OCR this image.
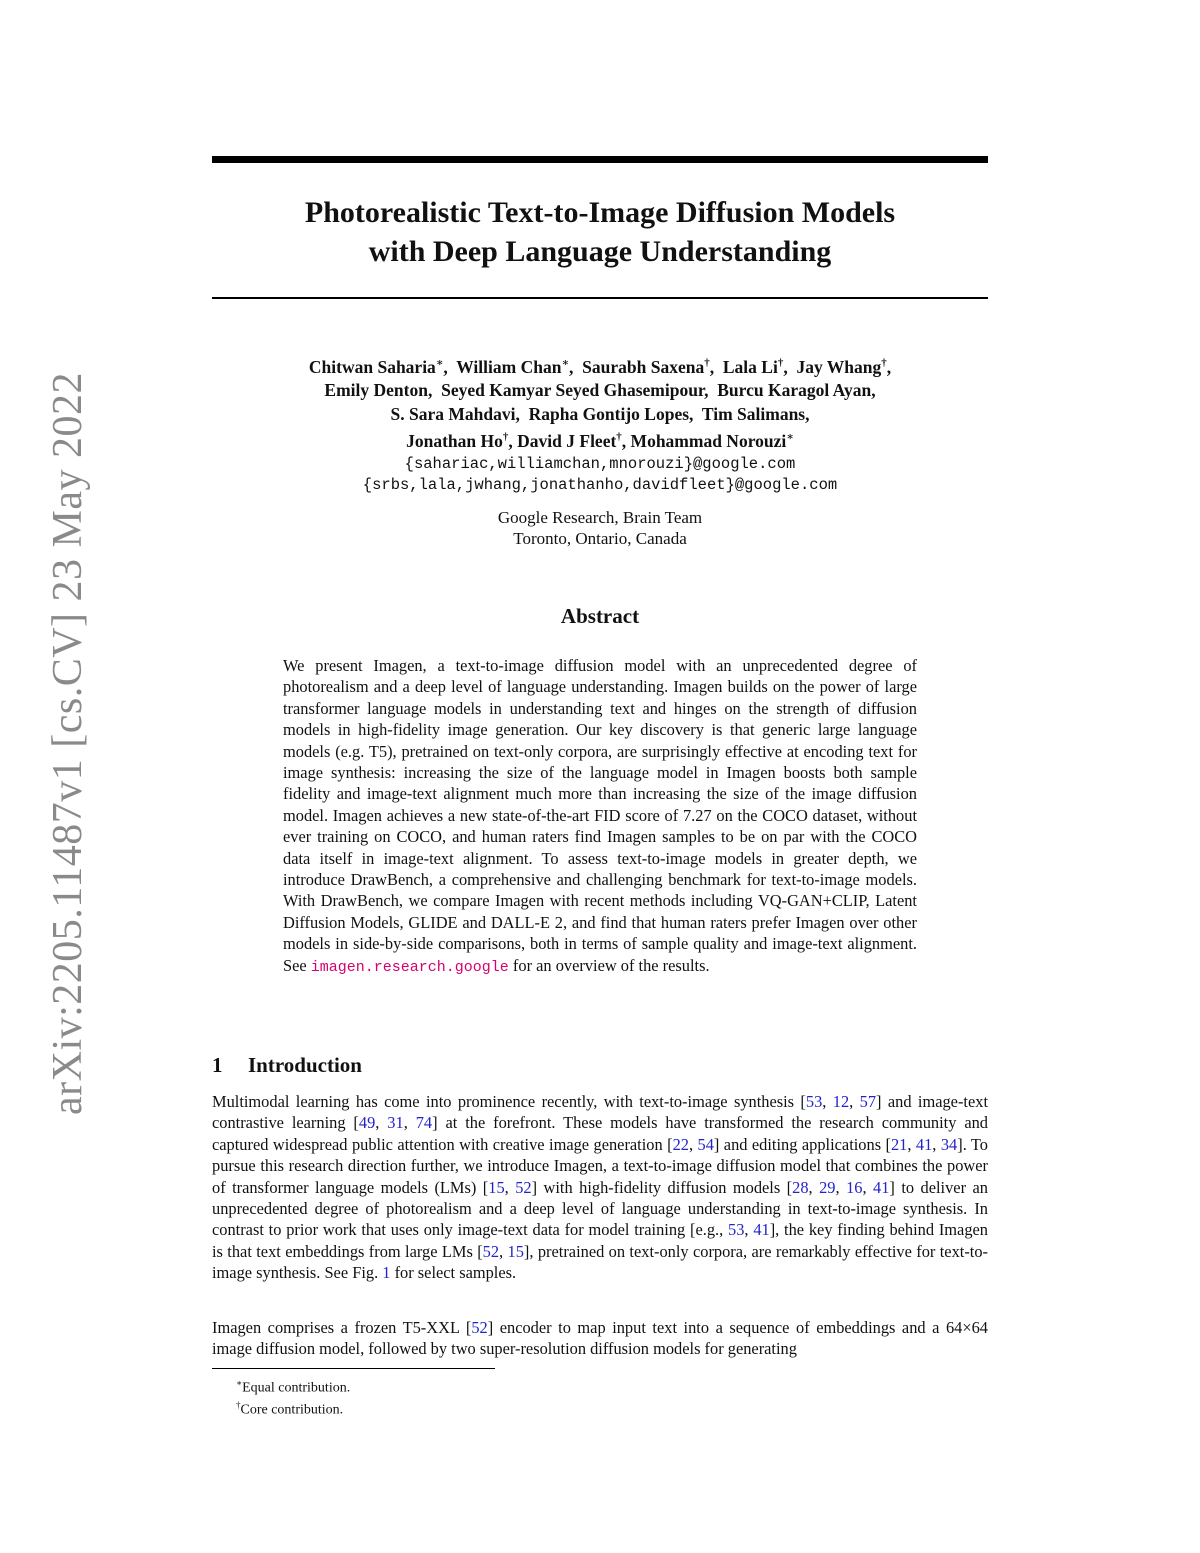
arXiv:2205.11487v1 [cs.CV] 23 May 2022
Photorealistic Text-to-Image Diffusion Models
with Deep Language Understanding
Chitwan Saharia∗,  William Chan∗,  Saurabh Saxena†,  Lala Li†,  Jay Whang†,
Emily Denton,  Seyed Kamyar Seyed Ghasemipour,  Burcu Karagol Ayan,
S. Sara Mahdavi,  Rapha Gontijo Lopes,  Tim Salimans,
Jonathan Ho†, David J Fleet†, Mohammad Norouzi∗
{sahariac,williamchan,mnorouzi}@google.com
{srbs,lala,jwhang,jonathanho,davidfleet}@google.com
Google Research, Brain Team
Toronto, Ontario, Canada
Abstract
We present Imagen, a text-to-image diffusion model with an unprecedented degree of photorealism and a deep level of language understanding. Imagen builds on the power of large transformer language models in understanding text and hinges on the strength of diffusion models in high-fidelity image generation. Our key discovery is that generic large language models (e.g. T5), pretrained on text-only corpora, are surprisingly effective at encoding text for image synthesis: increasing the size of the language model in Imagen boosts both sample fidelity and image-text alignment much more than increasing the size of the image diffusion model. Imagen achieves a new state-of-the-art FID score of 7.27 on the COCO dataset, without ever training on COCO, and human raters find Imagen samples to be on par with the COCO data itself in image-text alignment. To assess text-to-image models in greater depth, we introduce DrawBench, a comprehensive and challenging benchmark for text-to-image models. With DrawBench, we compare Imagen with recent methods including VQ-GAN+CLIP, Latent Diffusion Models, GLIDE and DALL-E 2, and find that human raters prefer Imagen over other models in side-by-side comparisons, both in terms of sample quality and image-text alignment. See imagen.research.google for an overview of the results.
1 Introduction
Multimodal learning has come into prominence recently, with text-to-image synthesis [53, 12, 57] and image-text contrastive learning [49, 31, 74] at the forefront. These models have transformed the research community and captured widespread public attention with creative image generation [22, 54] and editing applications [21, 41, 34]. To pursue this research direction further, we introduce Imagen, a text-to-image diffusion model that combines the power of transformer language models (LMs) [15, 52] with high-fidelity diffusion models [28, 29, 16, 41] to deliver an unprecedented degree of photorealism and a deep level of language understanding in text-to-image synthesis. In contrast to prior work that uses only image-text data for model training [e.g., 53, 41], the key finding behind Imagen is that text embeddings from large LMs [52, 15], pretrained on text-only corpora, are remarkably effective for text-to-image synthesis. See Fig. 1 for select samples.
Imagen comprises a frozen T5-XXL [52] encoder to map input text into a sequence of embeddings and a 64×64 image diffusion model, followed by two super-resolution diffusion models for generating
∗Equal contribution.
†Core contribution.
